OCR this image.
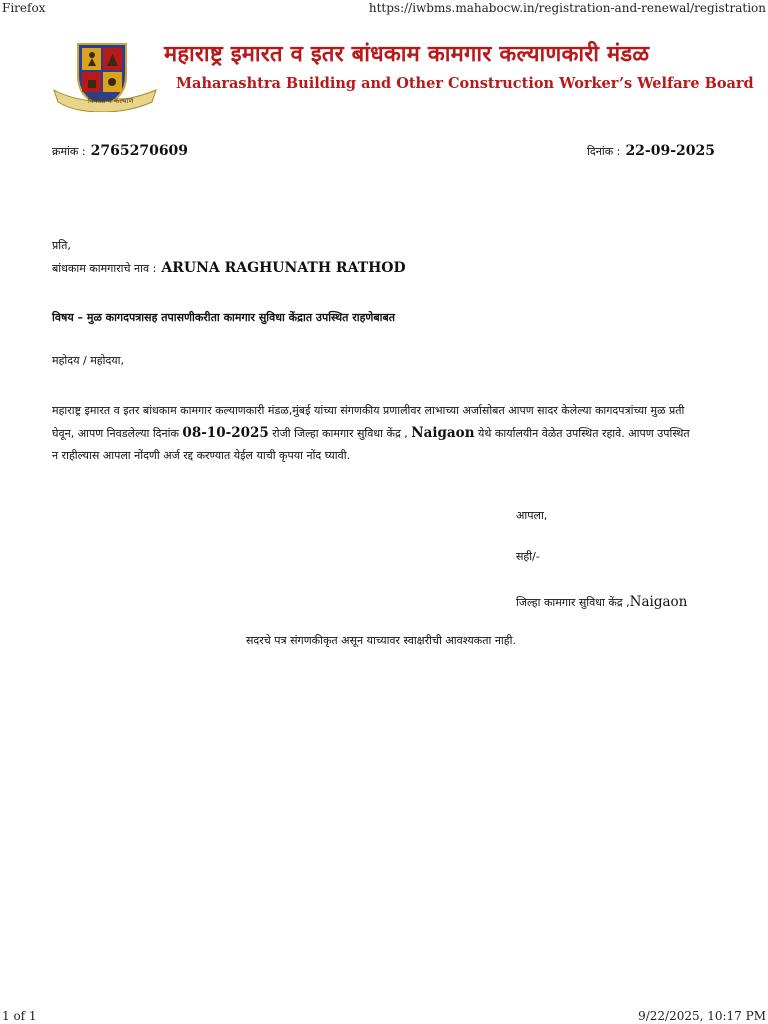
Firefox	https://iwbms.mahabocw.in/registration-and-renewal/registration
विकास व कल्याण
महाराष्ट्र इमारत व इतर बांधकाम कामगार कल्याणकारी मंडळ
Maharashtra Building and Other Construction Worker’s Welfare Board
क्रमांक : 2765270609	दिनांक : 22-09-2025
प्रति,
बांधकाम कामगाराचे नाव : ARUNA RAGHUNATH RATHOD
विषय – मुळ कागदपत्रासह तपासणीकरीता कामगार सुविधा केंद्रात उपस्थित राहणेबाबत
महोदय / महोदया,
महाराष्ट्र इमारत व इतर बांधकाम कामगार कल्याणकारी मंडळ,मुंबई यांच्या संगणकीय प्रणालीवर लाभाच्या अर्जासोबत आपण सादर केलेल्या कागदपत्रांच्या मुळ प्रती घेवून, आपण निवडलेल्या दिनांक 08-10-2025 रोजी जिल्हा कामगार सुविधा केंद्र , Naigaon येथे कार्यालयीन वेळेत उपस्थित रहावे. आपण उपस्थित न राहील्यास आपला नोंदणी अर्ज रद्द करण्यात येईल याची कृपया नोंद घ्यावी.
आपला,
सही/-
जिल्हा कामगार सुविधा केंद्र ,Naigaon
सदरचे पत्र संगणकीकृत असून याच्यावर स्वाक्षरीची आवश्यकता नाही.
1 of 1	9/22/2025, 10:17 PM
